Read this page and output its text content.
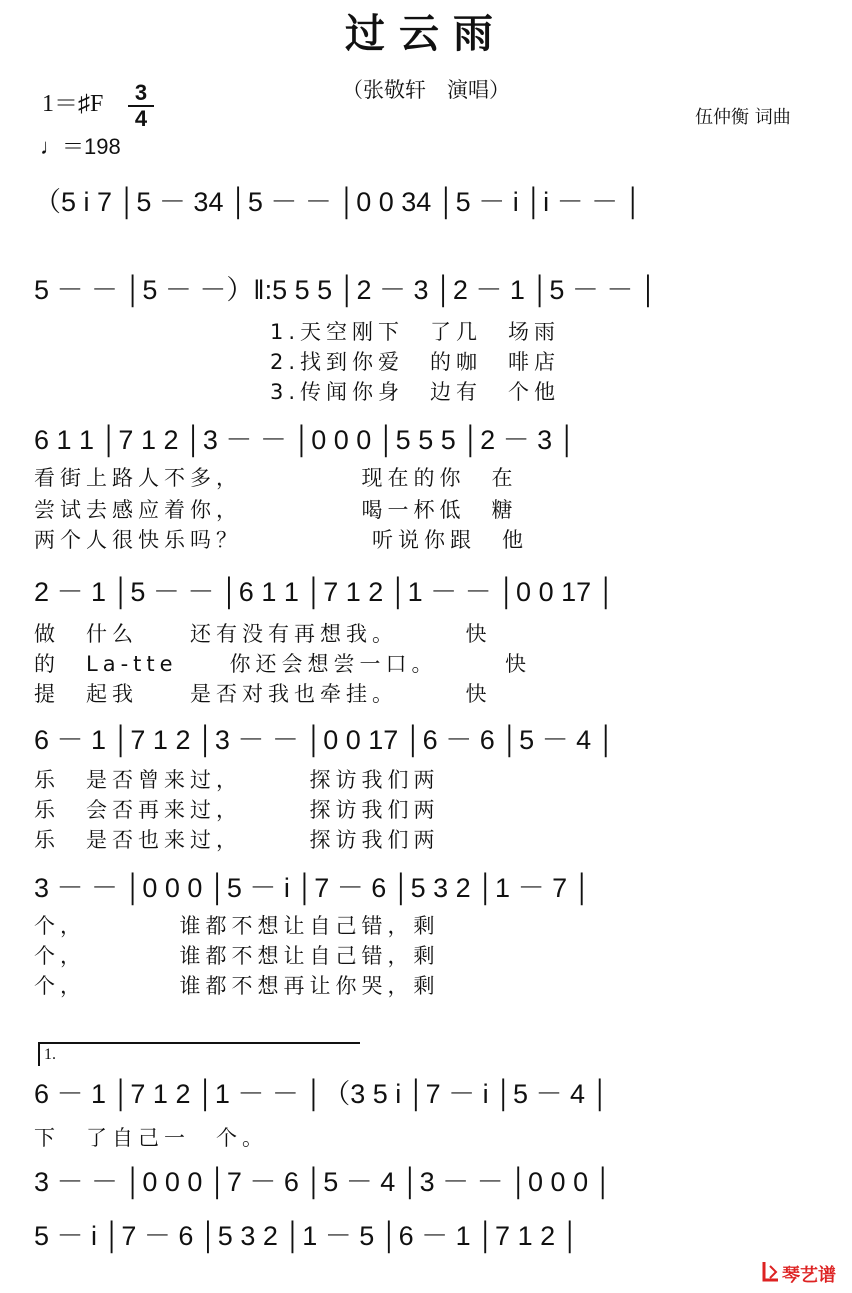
过云雨
（张敬轩　演唱）
伍仲衡 词曲
1＝♯F	3
4
♩＝198
（5 i 7 │5 － 34 │5 － － │0 0 34 │5 － i │i － － │
5 － － │5 － －）‖:5 5 5 │2 － 3 │2 － 1 │5 － － │
1.天空刚下　了几　场雨
2.找到你爱　的咖　啡店
3.传闻你身　边有　个他
6 1 1 │7 1 2 │3 － － │0 0 0 │5 5 5 │2 － 3 │
看街上路人不多，　　　　　现在的你　在
尝试去感应着你，　　　　　喝一杯低　糖
两个人很快乐吗？　　　　　听说你跟　他
2 － 1 │5 － － │6 1 1 │7 1 2 │1 － － │0 0 17 │
做　什么　　还有没有再想我。　　　快
的　La-tte　　你还会想尝一口。　　　快
提　起我　　是否对我也牵挂。　　　快
6 － 1 │7 1 2 │3 － － │0 0 17 │6 － 6 │5 － 4 │
乐　是否曾来过，　　　探访我们两
乐　会否再来过，　　　探访我们两
乐　是否也来过，　　　探访我们两
3 － － │0 0 0 │5 － i │7 － 6 │5 3 2 │1 － 7 │
个，　　　　谁都不想让自己错，剩
个，　　　　谁都不想让自己错，剩
个，　　　　谁都不想再让你哭，剩
1.
6 － 1 │7 1 2 │1 － － │（3 5 i │7 － i │5 － 4 │
下　了自己一　个。
3 － － │0 0 0 │7 － 6 │5 － 4 │3 － － │0 0 0 │
5 － i │7 － 6 │5 3 2 │1 － 5 │6 － 1 │7 1 2 │
琴艺谱
